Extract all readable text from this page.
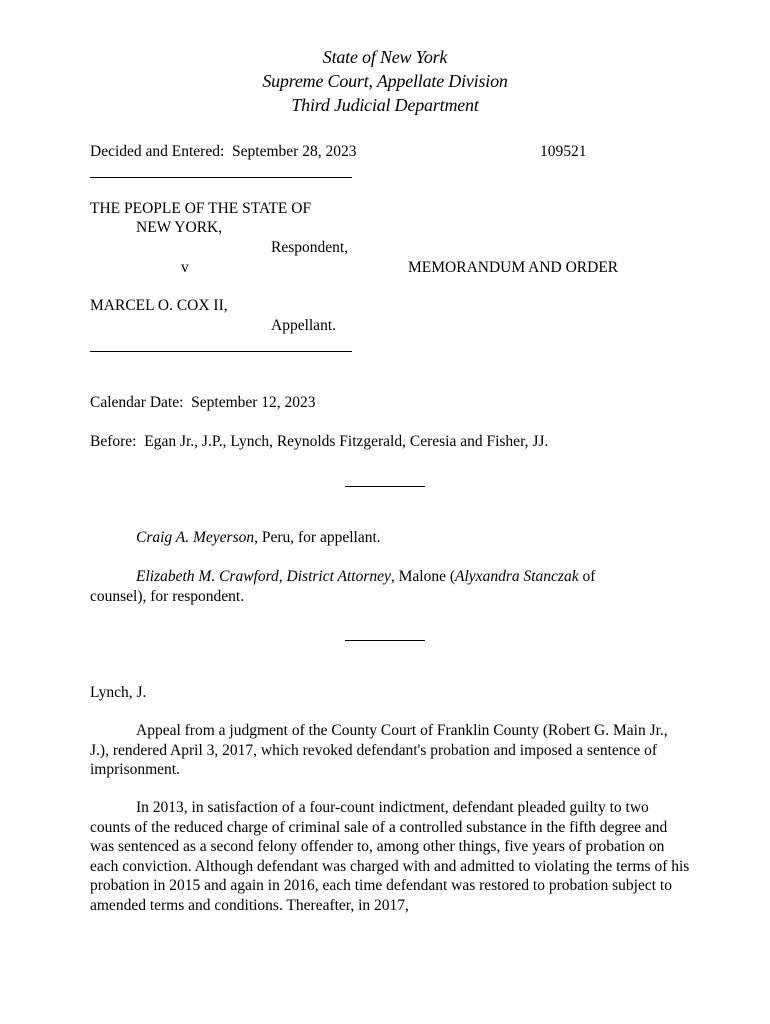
State of New York
Supreme Court, Appellate Division
Third Judicial Department
Decided and Entered: September 28, 2023	109521
THE PEOPLE OF THE STATE OF
NEW YORK,
Respondent,
v	MEMORANDUM AND ORDER
MARCEL O. COX II,
Appellant.
Calendar Date: September 12, 2023
Before: Egan Jr., J.P., Lynch, Reynolds Fitzgerald, Ceresia and Fisher, JJ.
Craig A. Meyerson, Peru, for appellant.

Elizabeth M. Crawford, District Attorney, Malone (Alyxandra Stanczak of counsel), for respondent.

Lynch, J.

Appeal from a judgment of the County Court of Franklin County (Robert G. Main Jr., J.), rendered April 3, 2017, which revoked defendant's probation and imposed a sentence of imprisonment.

In 2013, in satisfaction of a four-count indictment, defendant pleaded guilty to two counts of the reduced charge of criminal sale of a controlled substance in the fifth degree and was sentenced as a second felony offender to, among other things, five years of probation on each conviction. Although defendant was charged with and admitted to violating the terms of his probation in 2015 and again in 2016, each time defendant was restored to probation subject to amended terms and conditions. Thereafter, in 2017,
